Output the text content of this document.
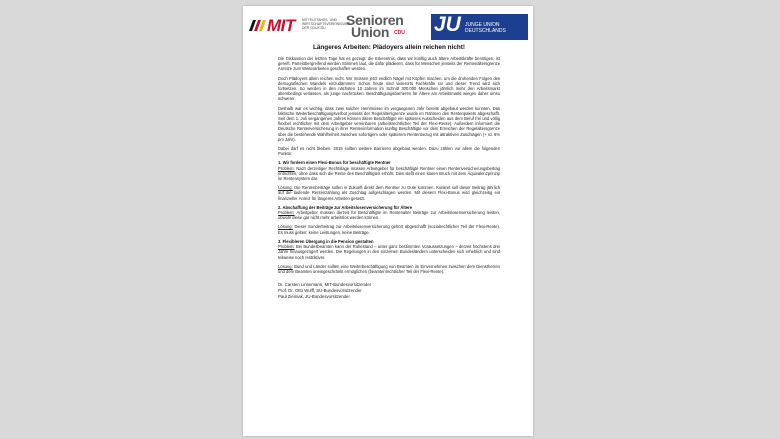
MIT MITTELSTANDS- UND WIRTSCHAFTSVEREINIGUNG DER CDU/CSU	Senioren
Union CDU JU JUNGE UNION DEUTSCHLANDS

Längeres Arbeiten: Plädoyers allein reichen nicht!

Die Diskussion der letzten Tage hat es gezeigt: die Erkenntnis, dass wir künftig auch ältere Arbeitskräfte benötigen, ist gereift. Parteiübergreifend werden Stimmen laut, die dafür plädieren, dass für Menschen jenseits der Rentenaltersgrenze Anreize zum Weiterarbeiten geschaffen werden.

Doch Plädoyers allein reichen nicht. Wir müssen jetzt endlich Nägel mit Köpfen machen, um die drohenden Folgen des demografischen Wandels einzudämmen. Schon heute sind vielerorts Fachkräfte rar und dieser Trend wird sich fortsetzen. So werden in den nächsten 10 Jahren im Schnitt 300.000 Menschen jährlich mehr den Arbeitsmarkt altersbedingt verlassen, als junge nachrücken. Beschäftigungsbarrieren für Ältere am Arbeitsmarkt wiegen daher umso schwerer.

Deshalb war es wichtig, dass zwei solcher Hemmnisse im vergangenen Jahr bereits abgebaut werden konnten. Das faktische Weiterbeschäftigungsverbot jenseits der Regelaltersgrenze wurde im Rahmen des Rentenpakets abgeschafft. Seit dem 1. Juli vergangenen Jahres können ältere Beschäftigte ein späteres Ausscheiden aus dem Beruf frei und völlig flexibel rechtlicher mit dem Arbeitgeber vereinbaren (arbeitsrechtlicher Teil der Flexi-Rente). Außerdem informiert die Deutsche Rentenversicherung in ihrer Renteninformation künftig Beschäftigte vor dem Erreichen der Regelaltersgrenze über die bestehende Wahlfreiheit zwischen sofortigem oder späterem Rentenbezug mit attraktiven Zuschlägen (+ rd. 6% pro Jahr).

Dabei darf es nicht bleiben. 2015 sollten weitere Barrieren abgebaut werden. Dazu zählen vor allem die folgenden Punkte:

1. Wir fordern einen Flexi-Bonus für beschäftigte Rentner

Problem: Nach derzeitiger Rechtslage müssen Arbeitgeber für beschäftigte Rentner einen Rentenversicherungsbeitrag entrichten, ohne dass sich die Rente des Beschäftigten erhöht. Dies stellt einen klaren Bruch mit dem Äquivalenzprinzip im Rentensystem dar.

Lösung: Die Rentenbeiträge sollen in Zukunft direkt dem Rentner zu Gute kommen. Konkret soll dieser Beitrag jährlich auf die laufende Rentenzahlung als Zuschlag aufgeschlagen werden. Mit diesem Flexi-Bonus wird gleichzeitig ein finanzieller Anreiz für längeres Arbeiten gesetzt.

2. Abschaffung der Beiträge zur Arbeitslosenversicherung für Ältere

Problem: Arbeitgeber müssen derzeit für Beschäftigte im Rentenalter Beiträge zur Arbeitslosenversicherung leisten, obwohl diese gar nicht mehr arbeitslos werden können.

Lösung: Dieser Sonderbeitrag zur Arbeitslosenversicherung gehört abgeschafft (sozialrechtlicher Teil der Flexi-Rente). Es muss gelten: keine Leistungen, keine Beiträge.

3. Flexibleren Übergang in die Pension gestalten

Problem: Bei Bundesbeamten kann der Ruhestand – unter ganz bestimmten Voraussetzungen – derzeit höchstens drei Jahre hinausgezögert werden. Die Regelungen in den einzelnen Bundesländern unterscheiden sich erheblich und sind teilweise noch restriktiver.

Lösung: Bund und Länder sollten eine Weiterbeschäftigung von Beamten im Einvernehmen zwischen dem Dienstherren und dem Beamten uneingeschränkt ermöglichen (beamtenrechtlicher Teil der Flexi-Rente).

Dr. Carsten Linnemann, MIT-Bundesvorsitzender

Prof. Dr. Otto Wulff, SU-Bundesvorsitzender

Paul Ziemiak, JU-Bundesvorsitzender
